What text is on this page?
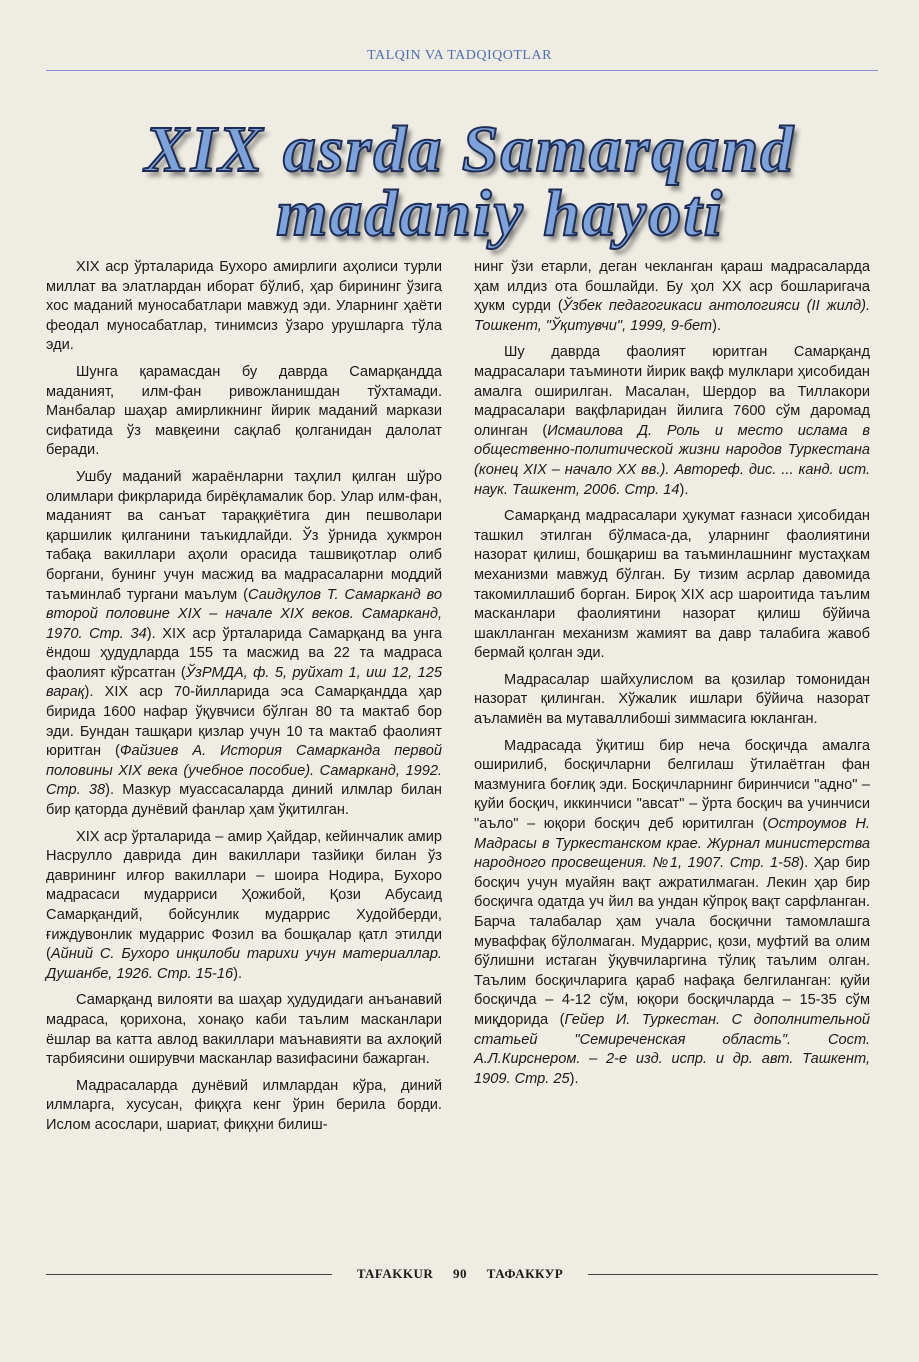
TALQIN VA TADQIQOTLAR
XIX asrda Samarqand
madaniy hayoti

XIX аср ўрталарида Бухоро амирлиги аҳолиси турли миллат ва элатлардан иборат бўлиб, ҳар бирининг ўзига хос маданий муносабатлари мавжуд эди. Уларнинг ҳаёти феодал муносабатлар, тинимсиз ўзаро урушларга тўла эди.

Шунга қарамасдан бу даврда Самарқандда маданият, илм-фан ривожланишдан тўхтамади. Манбалар шаҳар амирликнинг йирик маданий маркази сифатида ўз мавқеини сақлаб қолганидан далолат беради.

Ушбу маданий жараёнларни таҳлил қилган шўро олимлари фикрларида бирёқламалик бор. Улар илм-фан, маданият ва санъат тараққиётига дин пешволари қаршилик қилганини таъкидлайди. Ўз ўрнида ҳукмрон табақа вакиллари аҳоли орасида ташвиқотлар олиб боргани, бунинг учун масжид ва мадрасаларни моддий таъминлаб тургани маълум (Саидқулов Т. Самаркaнд во второй половине XIX – начале XIX веков. Самарканд, 1970. Стр. 34). XIX аср ўрталарида Самарқанд ва унга ёндош ҳудудларда 155 та масжид ва 22 та мадраса фаолият кўрсатган (ЎзРМДА, ф. 5, руйхат 1, иш 12, 125 варақ). XIX аср 70-йилларида эса Самарқандда ҳар бирида 1600 нафар ўқувчиси бўлган 80 та мактаб бор эди. Бундан ташқари қизлар учун 10 та мактаб фаолият юритган (Файзиев А. История Самарканда первой половины XIX века (учебное пособие). Самарканд, 1992. Стр. 38). Мазкур муассасаларда диний илмлар билан бир қаторда дунёвий фанлар ҳам ўқитилган.

XIX аср ўрталарида – амир Ҳайдар, кейинчалик амир Насрулло даврида дин вакиллари тазйиқи билан ўз даврининг илғор вакиллари – шоира Нодира, Бухоро мадрасаси мударриси Ҳожибой, Қози Абусаид Самарқандий, бойсунлик мударрис Худойберди, ғиждувонлик мударрис Фозил ва бошқалар қатл этилди (Айний С. Бухоро инқилоби тарихи учун материаллар. Душанбе, 1926. Стр. 15-16).

Самарқанд вилояти ва шаҳар ҳудудидаги анъанавий мадраса, қорихона, хонақо каби таълим масканлари ёшлар ва катта авлод вакиллари маънавияти ва ахлоқий тарбиясини оширувчи масканлар вазифасини бажарган.

Мадрасаларда дунёвий илмлардан кўра, диний илмларга, хусусан, фиқҳга кенг ўрин берила борди. Ислом асослари, шариат, фиқҳни билиш-

нинг ўзи етарли, деган чекланган қараш мадрасаларда ҳам илдиз ота бошлайди. Бу ҳол XX аср бошларигача ҳукм сурди (Ўзбек педагогикаси антологияси (II жилд). Тошкент, "Ўқитувчи", 1999, 9-бет).

Шу даврда фаолият юритган Самарқанд мадрасалари таъминоти йирик вақф мулклари ҳисобидан амалга оширилган. Масалан, Шердор ва Тиллакори мадрасалари вақфларидан йилига 7600 сўм даромад олинган (Исмаилова Д. Роль и место ислама в общественно-политической жизни народов Туркестана (конец XIX – начало XX вв.). Автореф. дис. ... канд. ист. наук. Ташкент, 2006. Стр. 14).

Самарқанд мадрасалари ҳукумат ғазнаси ҳисобидан ташкил этилган бўлмаса-да, уларнинг фаолиятини назорат қилиш, бошқариш ва таъминлашнинг мустаҳкам механизми мавжуд бўлган. Бу тизим асрлар давомида такомиллашиб борган. Бироқ XIX аср шароитида таълим масканлари фаолиятини назорат қилиш бўйича шаклланган механизм жамият ва давр талабига жавоб бермай қолган эди.

Мадрасалар шайхулислом ва қозилар томонидан назорат қилинган. Хўжалик ишлари бўйича назорат аъламиён ва мутаваллибошi зиммасига юкланган.

Мадрасада ўқитиш бир неча босқичда амалга оширилиб, босқичларни белгилаш ўтилаётган фан мазмунига боғлиқ эди. Босқичларнинг биринчиси "адно" – қуйи босқич, иккинчиси "авсат" – ўрта босқич ва учинчиси "аъло" – юқори босқич деб юритилган (Остроумов Н. Мадрасы в Туркестанском крае. Журнал министерства народного просвещения. №1, 1907. Стр. 1-58). Ҳар бир босқич учун муайян вақт ажратилмаган. Лекин ҳар бир босқичга одатда уч йил ва ундан кўпроқ вақт сарфланган. Барча талабалар ҳам учала босқични тамомлашга муваффақ бўлолмаган. Мударрис, қози, муфтий ва олим бўлишни истаган ўқувчиларгина тўлиқ таълим олган. Таълим босқичларига қараб нафақа белгиланган: қуйи босқичда – 4-12 сўм, юқори босқичларда – 15-35 сўм миқдорида (Гейер И. Туркестан. С дополнительной статьей "Семиреченская область". Сост. А.Л.Кирснером. – 2-е изд. испр. и др. авт. Ташкент, 1909. Стр. 25).

TAFAKKUR 90 ТАФАККУР
